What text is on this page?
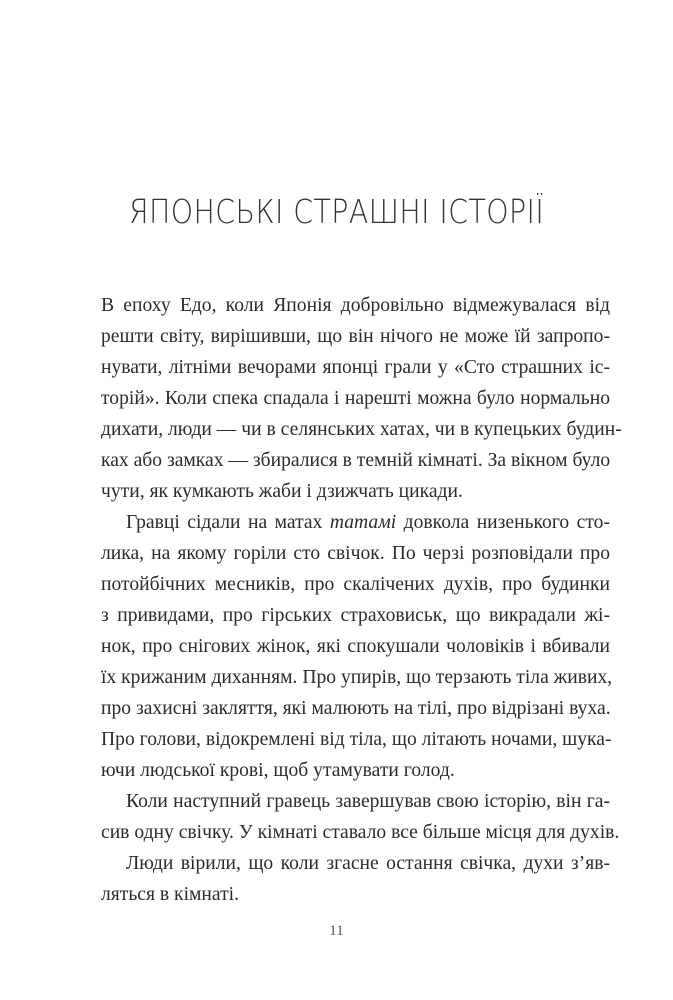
ЯПОНСЬКІ СТРАШНІ ІСТОРІЇ
В епоху Едо, коли Японія добровільно відмежувалася від
решти світу, вирішивши, що він нічого не може їй запропо-
нувати, літніми вечорами японці грали у «Сто страшних іс-
торій». Коли спека спадала і нарешті можна було нормально
дихати, люди — чи в селянських хатах, чи в купецьких будин-
ках або замках — збиралися в темній кімнаті. За вікном було
чути, як кумкають жаби і дзижчать цикади.
Гравці сідали на матах татамі довкола низенького сто-
лика, на якому горіли сто свічок. По черзі розповідали про
потойбічних месників, про скалічених духів, про будинки
з привидами, про гірських страховиськ, що викрадали жі-
нок, про снігових жінок, які спокушали чоловіків і вбивали
їх крижаним диханням. Про упирів, що терзають тіла живих,
про захисні закляття, які малюють на тілі, про відрізані вуха.
Про голови, відокремлені від тіла, що літають ночами, шука-
ючи людської крові, щоб утамувати голод.
Коли наступний гравець завершував свою історію, він га-
сив одну свічку. У кімнаті ставало все більше місця для духів.
Люди вірили, що коли згасне остання свічка, духи з’яв-
ляться в кімнаті.
11
